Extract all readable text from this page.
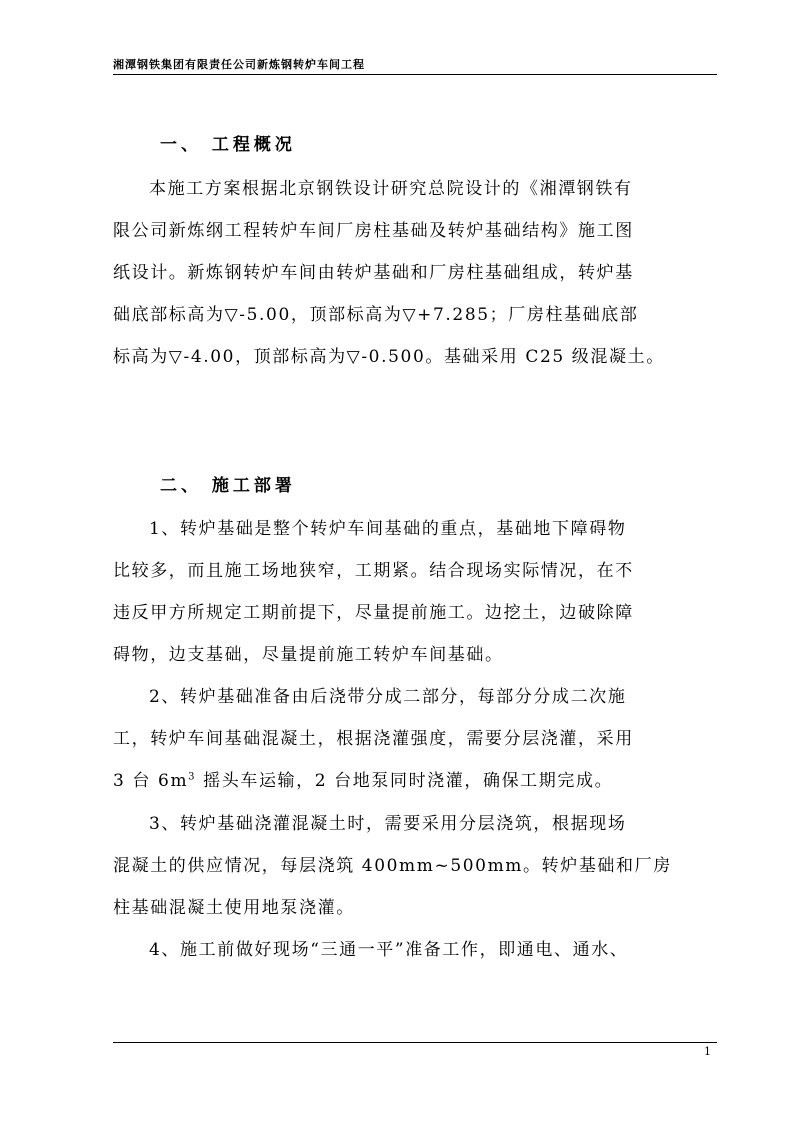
湘潭钢铁集团有限责任公司新炼钢转炉车间工程
一、 工程概况
本施工方案根据北京钢铁设计研究总院设计的《湘潭钢铁有
限公司新炼纲工程转炉车间厂房柱基础及转炉基础结构》施工图
纸设计。新炼钢转炉车间由转炉基础和厂房柱基础组成，转炉基
础底部标高为▽-5.00，顶部标高为▽+7.285；厂房柱基础底部
标高为▽-4.00，顶部标高为▽-0.500。基础采用 C25 级混凝土。
二、 施工部署
1、转炉基础是整个转炉车间基础的重点，基础地下障碍物
比较多，而且施工场地狭窄，工期紧。结合现场实际情况，在不
违反甲方所规定工期前提下，尽量提前施工。边挖土，边破除障
碍物，边支基础，尽量提前施工转炉车间基础。
2、转炉基础准备由后浇带分成二部分，每部分分成二次施
工，转炉车间基础混凝土，根据浇灌强度，需要分层浇灌，采用
3 台 $6m^3$ 摇头车运输，2 台地泵同时浇灌，确保工期完成。
3、转炉基础浇灌混凝土时，需要采用分层浇筑，根据现场
混凝土的供应情况，每层浇筑 400mm~500mm。转炉基础和厂房
柱基础混凝土使用地泵浇灌。
4、施工前做好现场“三通一平”准备工作，即通电、通水、
1
